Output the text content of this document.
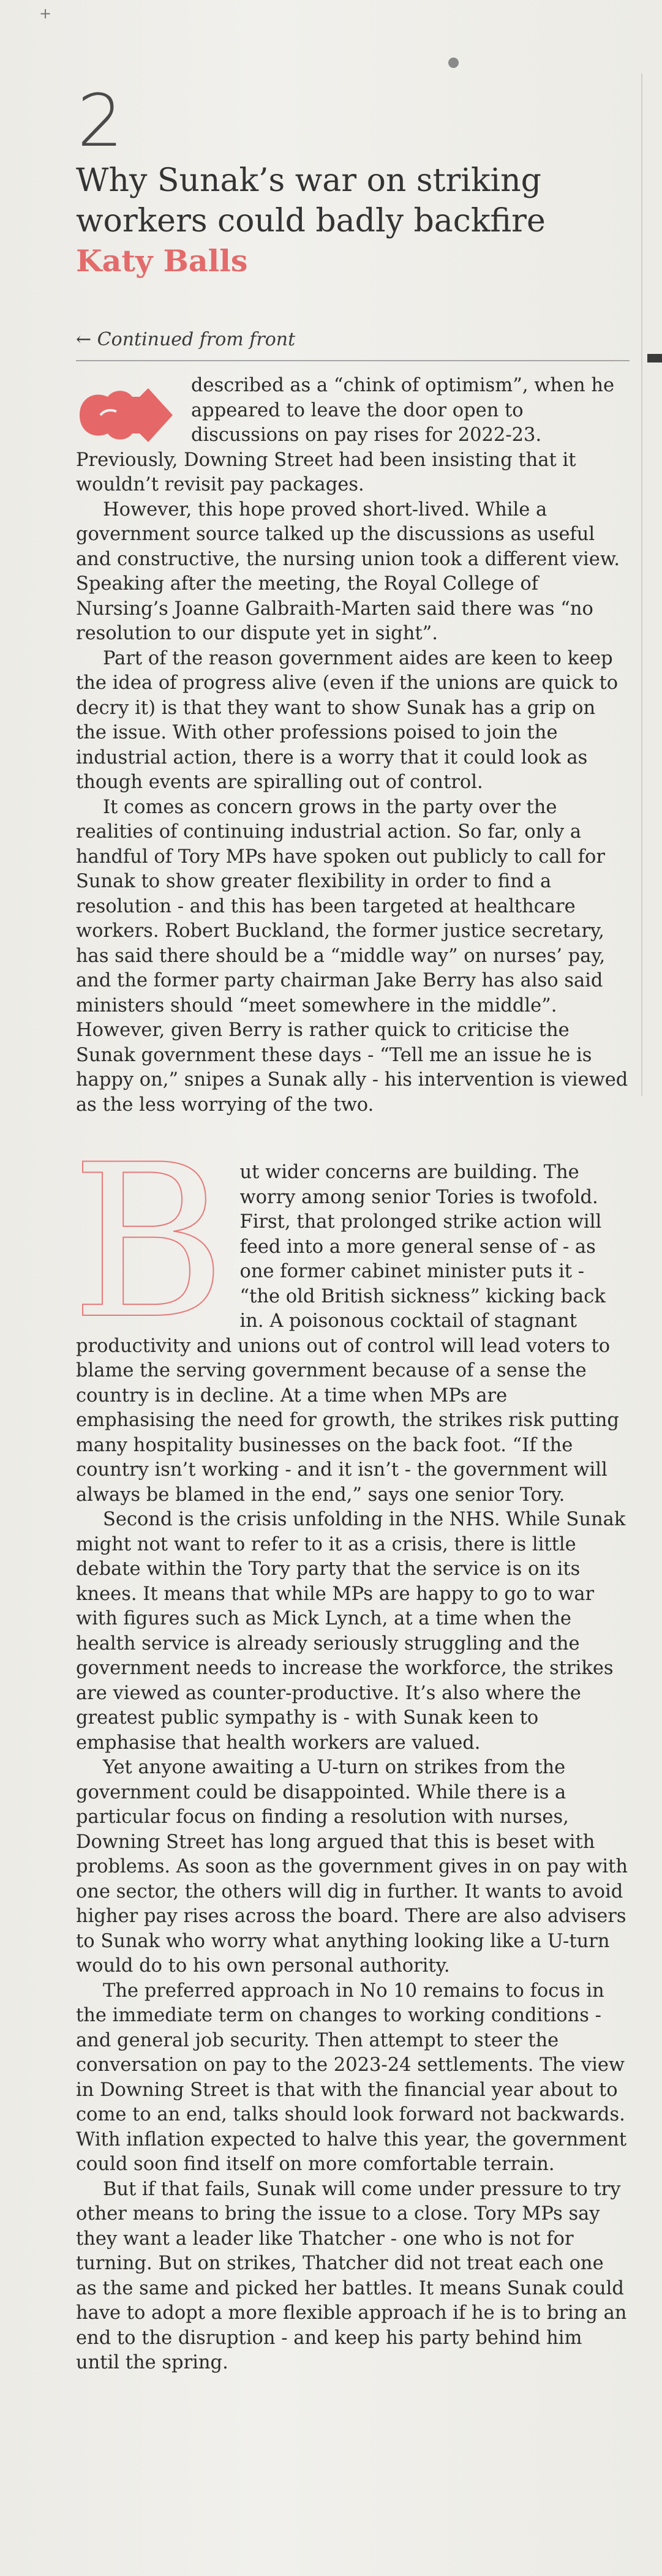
+
2
Why Sunak’s war on striking workers could badly backfire
Katy Balls
← Continued from front

described as a “chink of optimism”, when he appeared to leave the door open to discussions on pay rises for 2022-23. Previously, Downing Street had been insisting that it wouldn’t revisit pay packages.

However, this hope proved short-lived. While a government source talked up the discussions as useful and constructive, the nursing union took a different view. Speaking after the meeting, the Royal College of Nursing’s Joanne Galbraith-Marten said there was “no resolution to our dispute yet in sight”.

Part of the reason government aides are keen to keep the idea of progress alive (even if the unions are quick to decry it) is that they want to show Sunak has a grip on the issue. With other professions poised to join the industrial action, there is a worry that it could look as though events are spiralling out of control.

It comes as concern grows in the party over the realities of continuing industrial action. So far, only a handful of Tory MPs have spoken out publicly to call for Sunak to show greater flexibility in order to find a resolution - and this has been targeted at healthcare workers. Robert Buckland, the former justice secretary, has said there should be a “middle way” on nurses’ pay, and the former party chairman Jake Berry has also said ministers should “meet somewhere in the middle”. However, given Berry is rather quick to criticise the Sunak government these days - “Tell me an issue he is happy on,” snipes a Sunak ally - his intervention is viewed as the less worrying of the two.

B ut wider concerns are building. The worry among senior Tories is twofold. First, that prolonged strike action will feed into a more general sense of - as one former cabinet minister puts it - “the old British sickness” kicking back in. A poisonous cocktail of stagnant productivity and unions out of control will lead voters to blame the serving government because of a sense the country is in decline. At a time when MPs are emphasising the need for growth, the strikes risk putting many hospitality businesses on the back foot. “If the country isn’t working - and it isn’t - the government will always be blamed in the end,” says one senior Tory.

Second is the crisis unfolding in the NHS. While Sunak might not want to refer to it as a crisis, there is little debate within the Tory party that the service is on its knees. It means that while MPs are happy to go to war with figures such as Mick Lynch, at a time when the health service is already seriously struggling and the government needs to increase the workforce, the strikes are viewed as counter-productive. It’s also where the greatest public sympathy is - with Sunak keen to emphasise that health workers are valued.

Yet anyone awaiting a U-turn on strikes from the government could be disappointed. While there is a particular focus on finding a resolution with nurses, Downing Street has long argued that this is beset with problems. As soon as the government gives in on pay with one sector, the others will dig in further. It wants to avoid higher pay rises across the board. There are also advisers to Sunak who worry what anything looking like a U-turn would do to his own personal authority.

The preferred approach in No 10 remains to focus in the immediate term on changes to working conditions - and general job security. Then attempt to steer the conversation on pay to the 2023-24 settlements. The view in Downing Street is that with the financial year about to come to an end, talks should look forward not backwards. With inflation expected to halve this year, the government could soon find itself on more comfortable terrain.

But if that fails, Sunak will come under pressure to try other means to bring the issue to a close. Tory MPs say they want a leader like Thatcher - one who is not for turning. But on strikes, Thatcher did not treat each one as the same and picked her battles. It means Sunak could have to adopt a more flexible approach if he is to bring an end to the disruption - and keep his party behind him until the spring.
